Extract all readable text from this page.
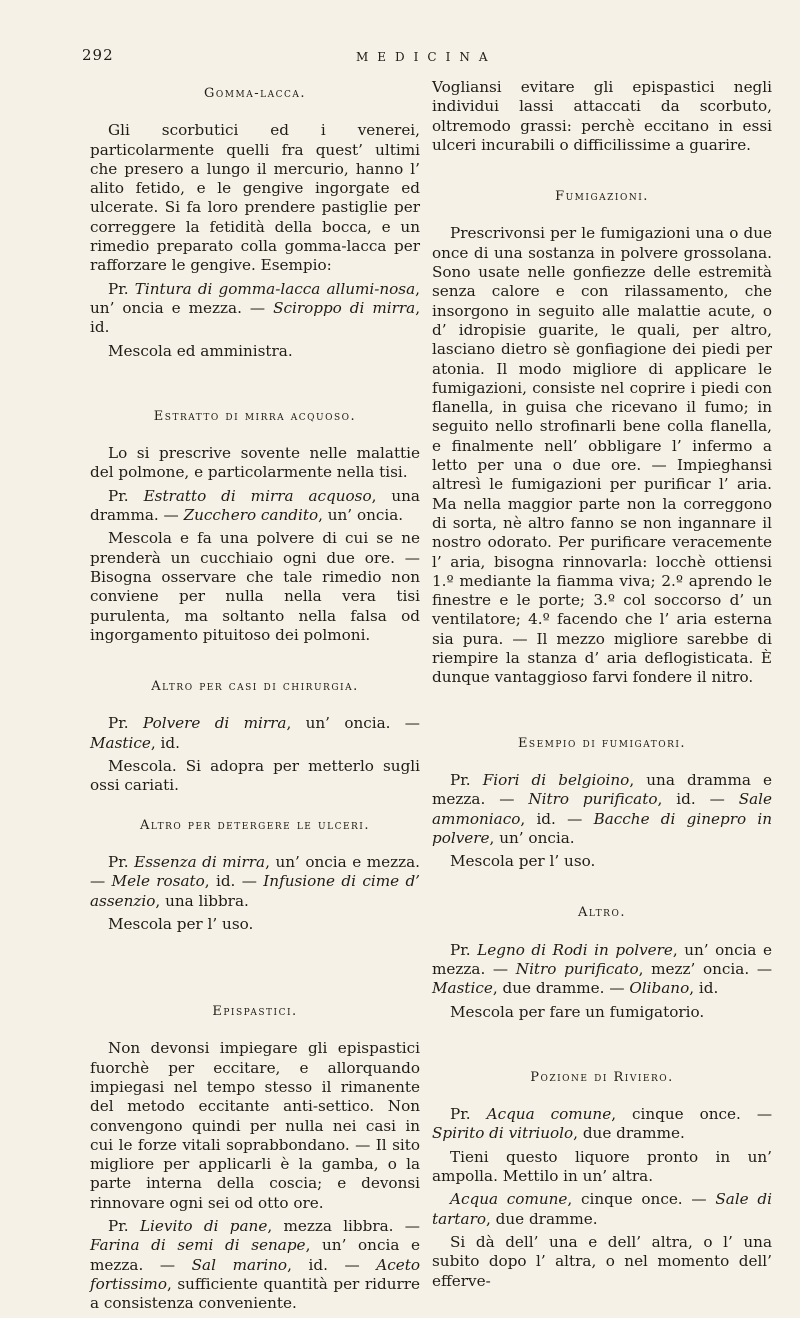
292	MEDICINA
Gomma-lacca.

Gli scorbutici ed i venerei, particolarmente quelli fra quest’ ultimi che presero a lungo il mercurio, hanno l’ alito fetido, e le gengive ingorgate ed ulcerate. Si fa loro prendere pastiglie per correggere la fetidità della bocca, e un rimedio preparato colla gomma-lacca per rafforzare le gengive. Esempio:

Pr. Tintura di gomma-lacca allumi-nosa, un’ oncia e mezza. — Sciroppo di mirra, id.

Mescola ed amministra.

Estratto di mirra acquoso.

Lo si prescrive sovente nelle malattie del polmone, e particolarmente nella tisi.

Pr. Estratto di mirra acquoso, una dramma. — Zucchero candito, un’ oncia.

Mescola e fa una polvere di cui se ne prenderà un cucchiaio ogni due ore. — Bisogna osservare che tale rimedio non conviene per nulla nella vera tisi purulenta, ma soltanto nella falsa od ingorgamento pituitoso dei polmoni.

Altro per casi di chirurgia.

Pr. Polvere di mirra, un’ oncia. — Mastice, id.

Mescola. Si adopra per metterlo sugli ossi cariati.

Altro per detergere le ulceri.

Pr. Essenza di mirra, un’ oncia e mezza. — Mele rosato, id. — Infusione di cime d’ assenzio, una libbra.

Mescola per l’ uso.

Epispastici.

Non devonsi impiegare gli epispastici fuorchè per eccitare, e allorquando impiegasi nel tempo stesso il rimanente del metodo eccitante anti-settico. Non convengono quindi per nulla nei casi in cui le forze vitali soprabbondano. — Il sito migliore per applicarli è la gamba, o la parte interna della coscia; e devonsi rinnovare ogni sei od otto ore.

Pr. Lievito di pane, mezza libbra. — Farina di semi di senape, un’ oncia e mezza. — Sal marino, id. — Aceto fortissimo, sufficiente quantità per ridurre a consistenza conveniente.

Vogliansi evitare gli epispastici negli individui lassi attaccati da scorbuto, oltremodo grassi: perchè eccitano in essi ulceri incurabili o difficilissime a guarire.

Fumigazioni.

Prescrivonsi per le fumigazioni una o due once di una sostanza in polvere grossolana. Sono usate nelle gonfiezze delle estremità senza calore e con rilassamento, che insorgono in seguito alle malattie acute, o d’ idropisie guarite, le quali, per altro, lasciano dietro sè gonfiagione dei piedi per atonia. Il modo migliore di applicare le fumigazioni, consiste nel coprire i piedi con flanella, in guisa che ricevano il fumo; in seguito nello strofinarli bene colla flanella, e finalmente nell’ obbligare l’ infermo a letto per una o due ore. — Impieghansi altresì le fumigazioni per purificar l’ aria. Ma nella maggior parte non la correggono di sorta, nè altro fanno se non ingannare il nostro odorato. Per purificare veracemente l’ aria, bisogna rinnovarla: locchè ottiensi 1.º mediante la fiamma viva; 2.º aprendo le finestre e le porte; 3.º col soccorso d’ un ventilatore; 4.º facendo che l’ aria esterna sia pura. — Il mezzo migliore sarebbe di riempire la stanza d’ aria deflogisticata. È dunque vantaggioso farvi fondere il nitro.

Esempio di fumigatori.

Pr. Fiori di belgioino, una dramma e mezza. — Nitro purificato, id. — Sale ammoniaco, id. — Bacche di ginepro in polvere, un’ oncia.

Mescola per l’ uso.

Altro.

Pr. Legno di Rodi in polvere, un’ oncia e mezza. — Nitro purificato, mezz’ oncia. — Mastice, due dramme. — Olibano, id.

Mescola per fare un fumigatorio.

Pozione di Riviero.

Pr. Acqua comune, cinque once. — Spirito di vitriuolo, due dramme.

Tieni questo liquore pronto in un’ ampolla. Mettilo in un’ altra.

Acqua comune, cinque once. — Sale di tartaro, due dramme.

Si dà dell’ una e dell’ altra, o l’ una subito dopo l’ altra, o nel momento dell’ efferve-
